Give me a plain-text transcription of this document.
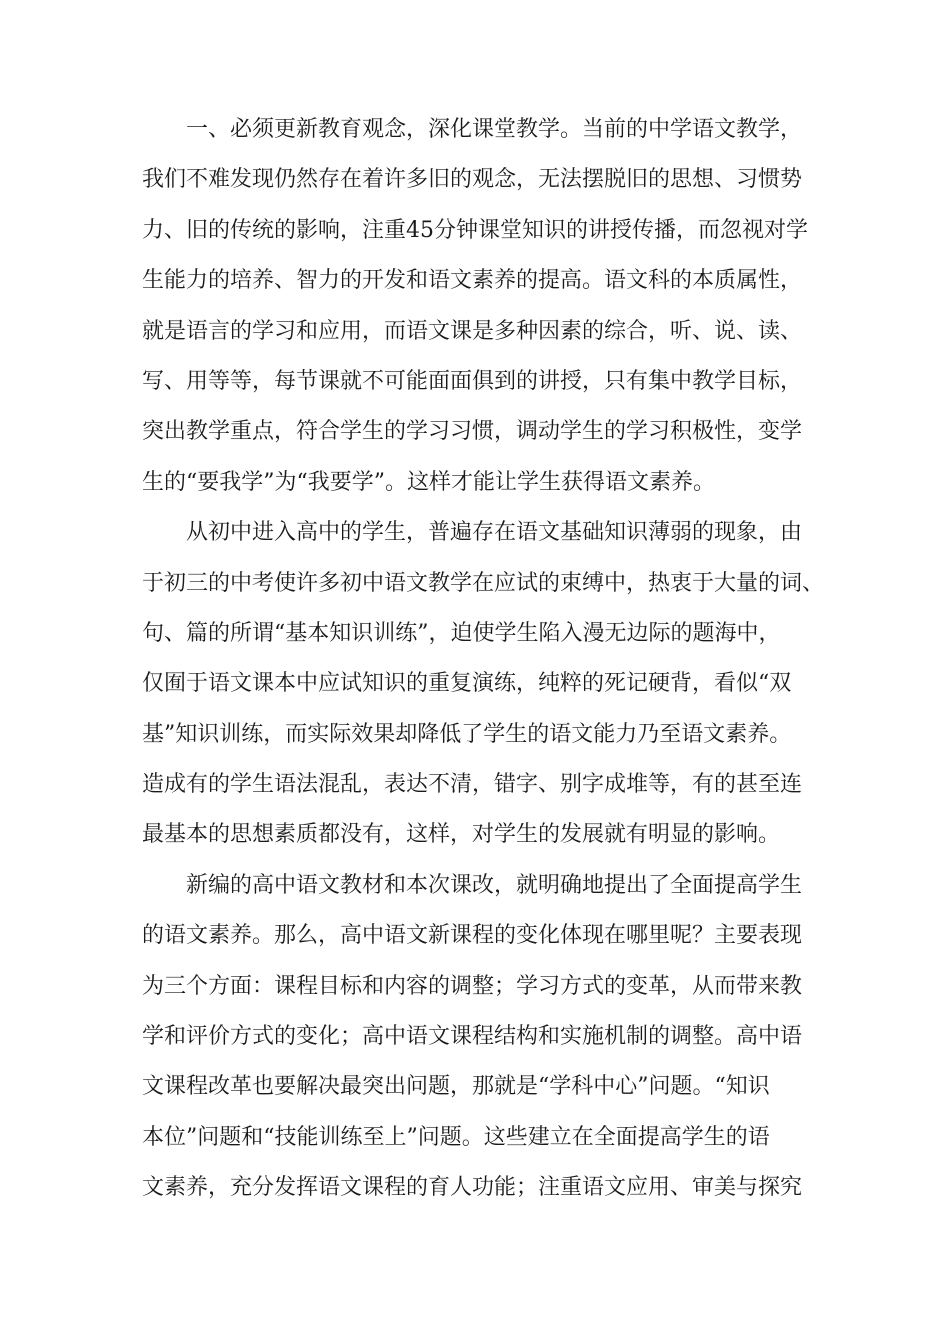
一、必须更新教育观念，深化课堂教学。当前的中学语文教学，
我们不难发现仍然存在着许多旧的观念，无法摆脱旧的思想、习惯势
力、旧的传统的影响，注重45分钟课堂知识的讲授传播，而忽视对学
生能力的培养、智力的开发和语文素养的提高。语文科的本质属性，
就是语言的学习和应用，而语文课是多种因素的综合，听、说、读、
写、用等等，每节课就不可能面面俱到的讲授，只有集中教学目标，
突出教学重点，符合学生的学习习惯，调动学生的学习积极性，变学
生的“要我学”为“我要学”。这样才能让学生获得语文素养。
从初中进入高中的学生，普遍存在语文基础知识薄弱的现象，由
于初三的中考使许多初中语文教学在应试的束缚中，热衷于大量的词、
句、篇的所谓“基本知识训练”，迫使学生陷入漫无边际的题海中，
仅囿于语文课本中应试知识的重复演练，纯粹的死记硬背，看似“双
基”知识训练，而实际效果却降低了学生的语文能力乃至语文素养。
造成有的学生语法混乱，表达不清，错字、别字成堆等，有的甚至连
最基本的思想素质都没有，这样，对学生的发展就有明显的影响。
新编的高中语文教材和本次课改，就明确地提出了全面提高学生
的语文素养。那么，高中语文新课程的变化体现在哪里呢？主要表现
为三个方面：课程目标和内容的调整；学习方式的变革，从而带来教
学和评价方式的变化；高中语文课程结构和实施机制的调整。高中语
文课程改革也要解决最突出问题，那就是“学科中心”问题。“知识
本位”问题和“技能训练至上”问题。这些建立在全面提高学生的语
文素养，充分发挥语文课程的育人功能；注重语文应用、审美与探究
